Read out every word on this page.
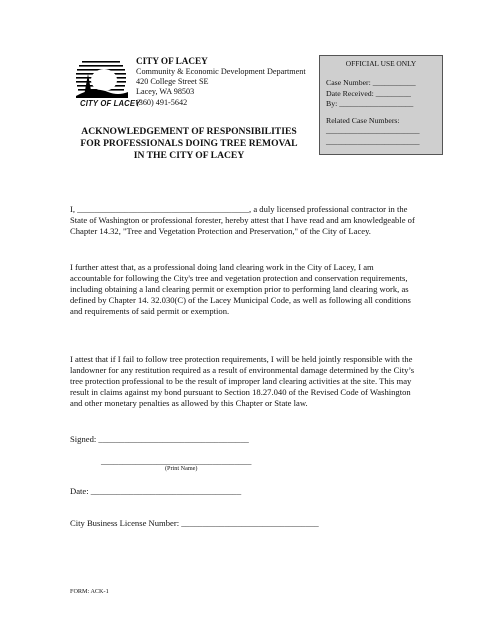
CITY OF LACEY
CITY OF LACEY
Community & Economic Development Department
420 College Street SE
Lacey, WA 98503
(360) 491-5642
OFFICIAL USE ONLY
Case Number: ___________
Date Received: _________
By: ___________________
Related Case Numbers:
________________________
________________________
ACKNOWLEDGEMENT OF RESPONSIBILITIES
FOR PROFESSIONALS DOING TREE REMOVAL
IN THE CITY OF LACEY
I, ________________________________________, a duly licensed professional contractor in the State of Washington or professional forester, hereby attest that I have read and am knowledgeable of Chapter 14.32, "Tree and Vegetation Protection and Preservation," of the City of Lacey.
I further attest that, as a professional doing land clearing work in the City of Lacey, I am accountable for following the City's tree and vegetation protection and conservation requirements, including obtaining a land clearing permit or exemption prior to performing land clearing work, as defined by Chapter 14. 32.030(C) of the Lacey Municipal Code, as well as following all conditions and requirements of said permit or exemption.
I attest that if I fail to follow tree protection requirements, I will be held jointly responsible with the landowner for any restitution required as a result of environmental damage determined by the City’s tree protection professional to be the result of improper land clearing activities at the site. This may result in claims against my bond pursuant to Section 18.27.040 of the Revised Code of Washington and other monetary penalties as allowed by this Chapter or State law.
Signed: ___________________________________
___________________________________
(Print Name)
Date: ___________________________________
City Business License Number: ________________________________
FORM: ACK-1
